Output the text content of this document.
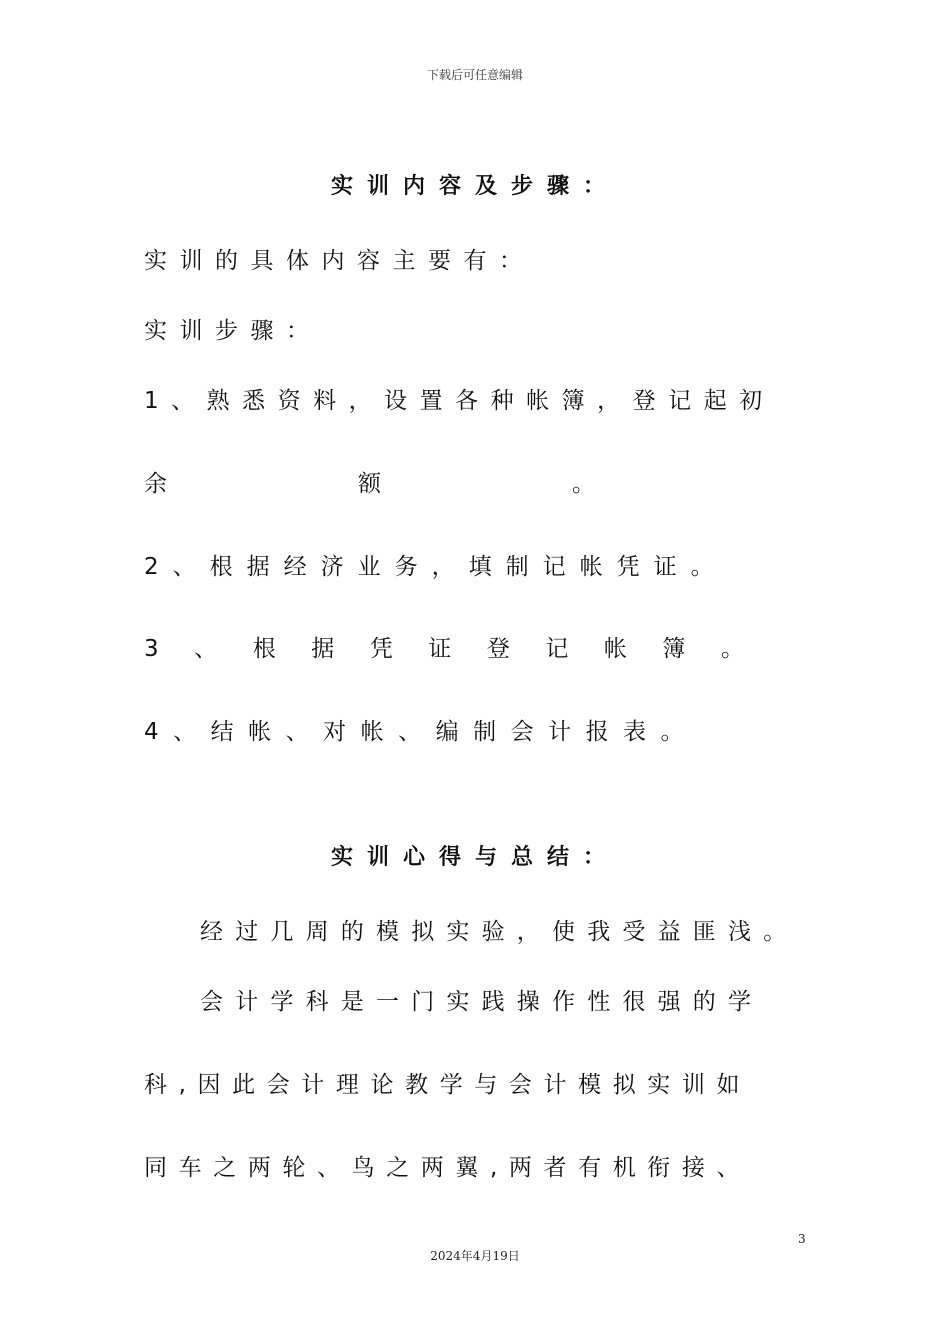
下载后可任意编辑
实训内容及步骤：
实训的具体内容主要有：
实训步骤：
1、熟悉资料，设置各种帐簿，登记起初
余	额	。
2、根据经济业务，填制记帐凭证。
3 、 根 据 凭 证 登 记 帐 簿 。
4、结帐、对帐、编制会计报表。
实训心得与总结：
经过几周的模拟实验，使我受益匪浅。
会计学科是一门实践操作性很强的学
科,因此会计理论教学与会计模拟实训如
同车之两轮、鸟之两翼,两者有机衔接、
3
2024年4月19日
